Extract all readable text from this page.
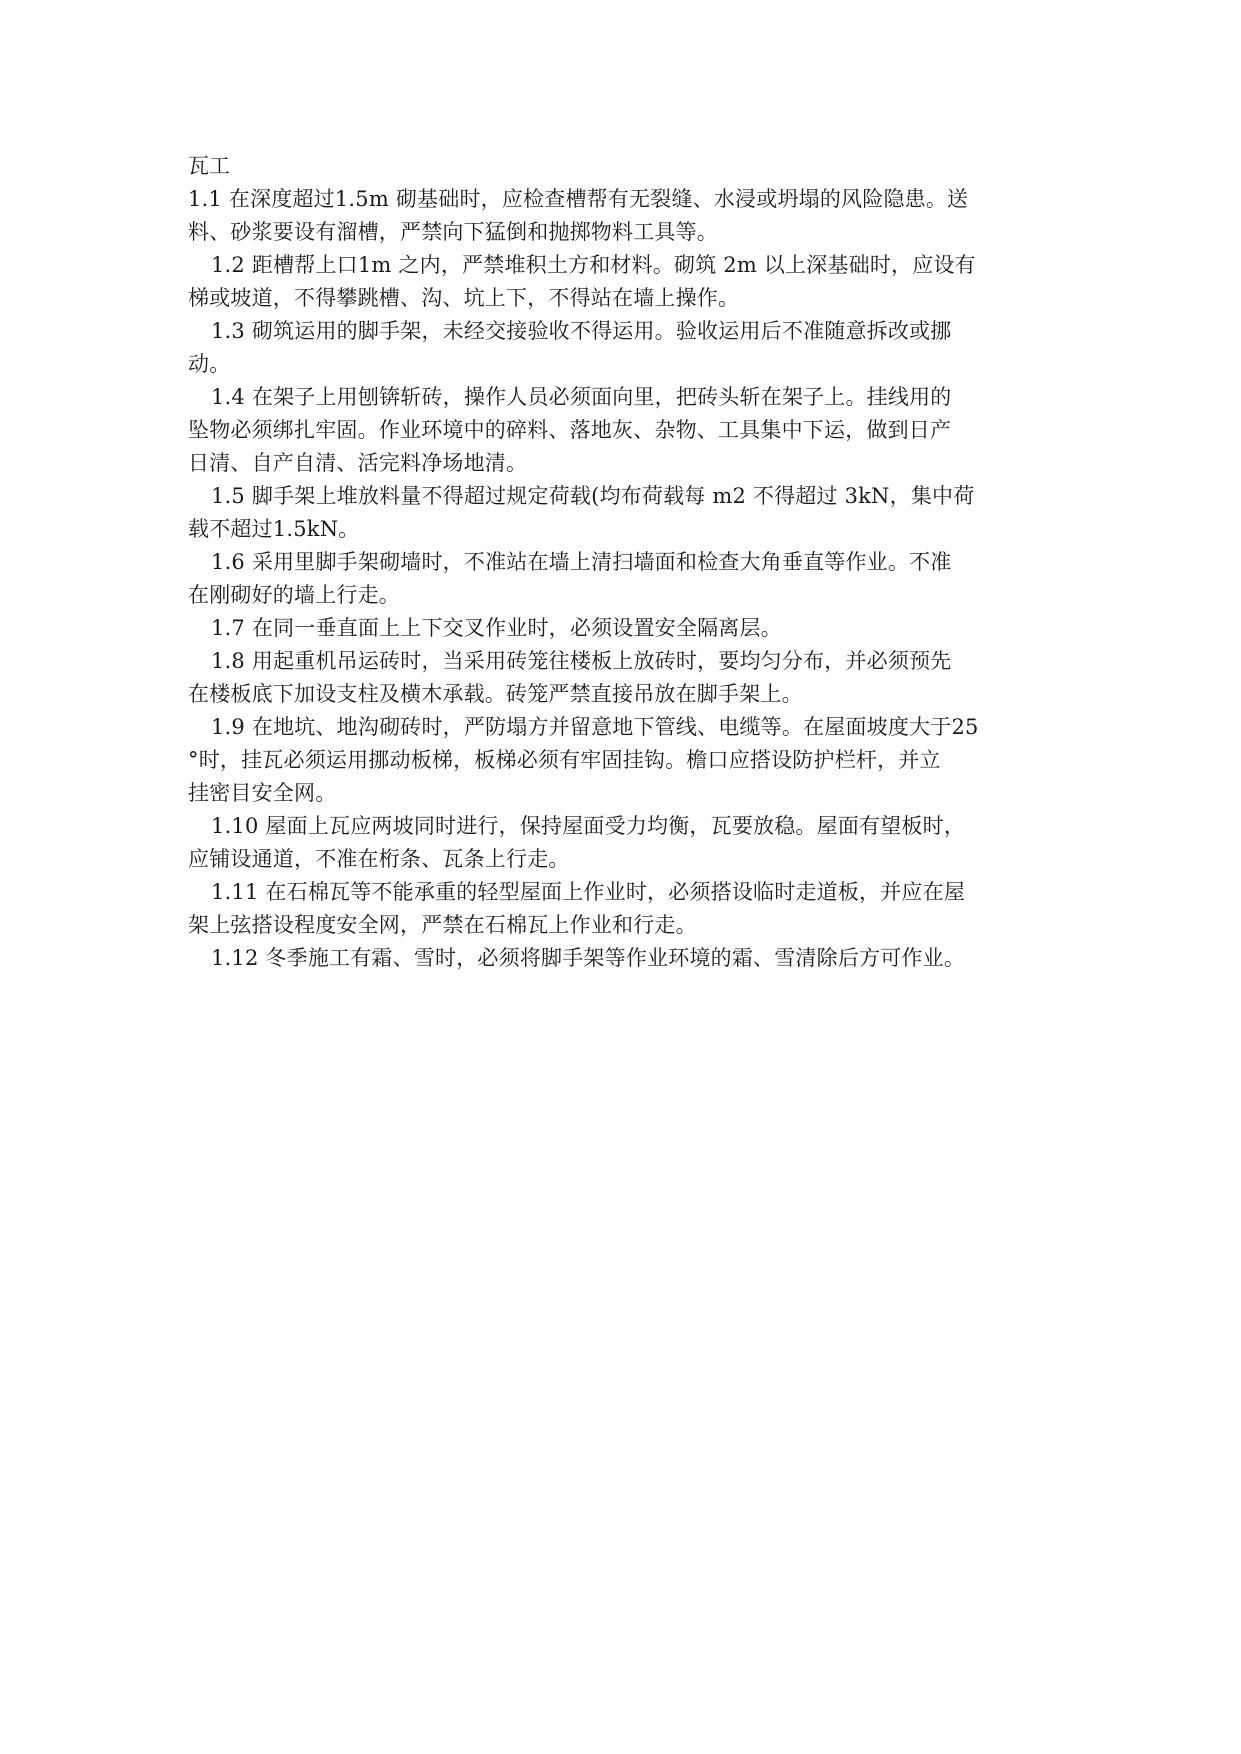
瓦工
1.1 在深度超过1.5m 砌基础时，应检查槽帮有无裂缝、水浸或坍塌的风险隐患。送
料、砂浆要设有溜槽，严禁向下猛倒和抛掷物料工具等。
1.2 距槽帮上口1m 之内，严禁堆积土方和材料。砌筑 2m 以上深基础时，应设有
梯或坡道，不得攀跳槽、沟、坑上下，不得站在墙上操作。
1.3 砌筑运用的脚手架，未经交接验收不得运用。验收运用后不准随意拆改或挪
动。
1.4 在架子上用刨锛斩砖，操作人员必须面向里，把砖头斩在架子上。挂线用的
坠物必须绑扎牢固。作业环境中的碎料、落地灰、杂物、工具集中下运，做到日产
日清、自产自清、活完料净场地清。
1.5 脚手架上堆放料量不得超过规定荷载(均布荷载每 m2 不得超过 3kN，集中荷
载不超过1.5kN。
1.6 采用里脚手架砌墙时，不准站在墙上清扫墙面和检查大角垂直等作业。不准
在刚砌好的墙上行走。
1.7 在同一垂直面上上下交叉作业时，必须设置安全隔离层。
1.8 用起重机吊运砖时，当采用砖笼往楼板上放砖时，要均匀分布，并必须预先
在楼板底下加设支柱及横木承载。砖笼严禁直接吊放在脚手架上。
1.9 在地坑、地沟砌砖时，严防塌方并留意地下管线、电缆等。在屋面坡度大于25
°时，挂瓦必须运用挪动板梯，板梯必须有牢固挂钩。檐口应搭设防护栏杆，并立
挂密目安全网。
1.10 屋面上瓦应两坡同时进行，保持屋面受力均衡，瓦要放稳。屋面有望板时，
应铺设通道，不准在桁条、瓦条上行走。
1.11 在石棉瓦等不能承重的轻型屋面上作业时，必须搭设临时走道板，并应在屋
架上弦搭设程度安全网，严禁在石棉瓦上作业和行走。
1.12 冬季施工有霜、雪时，必须将脚手架等作业环境的霜、雪清除后方可作业。
